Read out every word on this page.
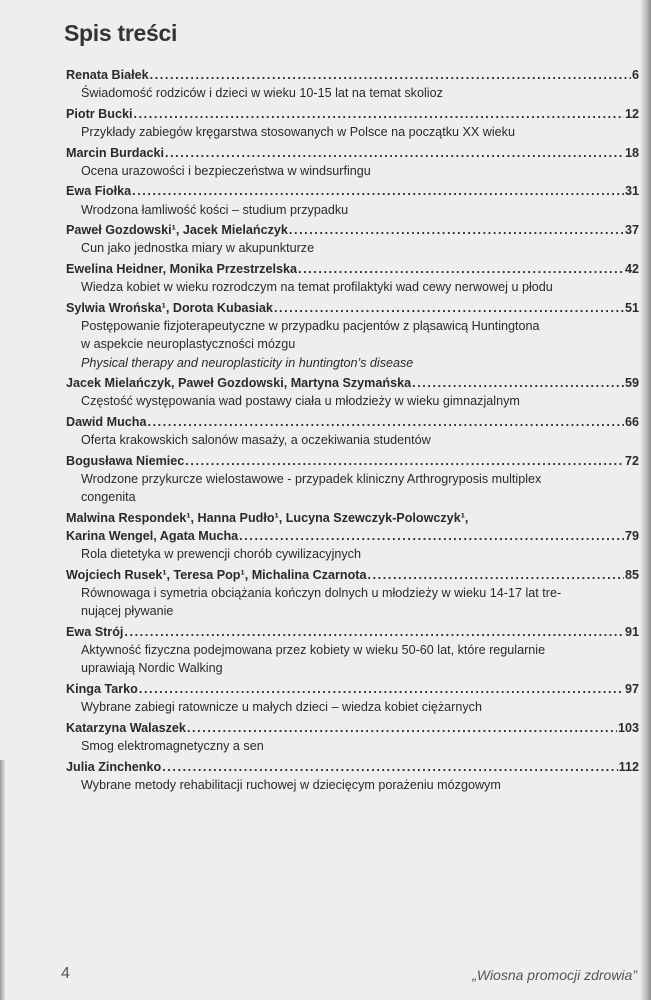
Spis treści
Renata Białek .....	6
Świadomość rodziców i dzieci w wieku 10-15 lat na temat skolioz
Piotr Bucki .....	12
Przykłady zabiegów kręgarstwa stosowanych w Polsce na początku XX wieku
Marcin Burdacki .....	18
Ocena urazowości i bezpieczeństwa w windsurfingu
Ewa Fiołka .....	31
Wrodzona łamliwość kości – studium przypadku
Paweł Gozdowski¹, Jacek Mielańczyk .....	37
Cun jako jednostka miary w akupunkturze
Ewelina Heidner, Monika Przestrzelska .....	42
Wiedza kobiet w wieku rozrodczym na temat profilaktyki wad cewy nerwowej u płodu
Sylwia Wrońska¹, Dorota Kubasiak .....	51
Postępowanie fizjoterapeutyczne w przypadku pacjentów z pląsawicą Huntingtona
w aspekcie neuroplastyczności mózgu
Physical therapy and neuroplasticity in huntington’s disease
Jacek Mielańczyk, Paweł Gozdowski, Martyna Szymańska .....	59
Częstość występowania wad postawy ciała u młodzieży w wieku gimnazjalnym
Dawid Mucha .....	66
Oferta krakowskich salonów masaży, a oczekiwania studentów
Bogusława Niemiec .....	72
Wrodzone przykurcze wielostawowe - przypadek kliniczny Arthrogryposis multiplex
congenita
Malwina Respondek¹, Hanna Pudło¹, Lucyna Szewczyk-Polowczyk¹,
Karina Wengel, Agata Mucha .....	79
Rola dietetyka w prewencji chorób cywilizacyjnych
Wojciech Rusek¹, Teresa Pop¹, Michalina Czarnota .....	85
Równowaga i symetria obciążania kończyn dolnych u młodzieży w wieku 14-17 lat tre-
nującej pływanie
Ewa Strój .....	91
Aktywność fizyczna podejmowana przez kobiety w wieku 50-60 lat, które regularnie
uprawiają Nordic Walking
Kinga Tarko .....	97
Wybrane zabiegi ratownicze u małych dzieci – wiedza kobiet ciężarnych
Katarzyna Walaszek .....	103
Smog elektromagnetyczny a sen
Julia Zinchenko .....	112
Wybrane metody rehabilitacji ruchowej w dziecięcym porażeniu mózgowym
4	„Wiosna promocji zdrowia”
